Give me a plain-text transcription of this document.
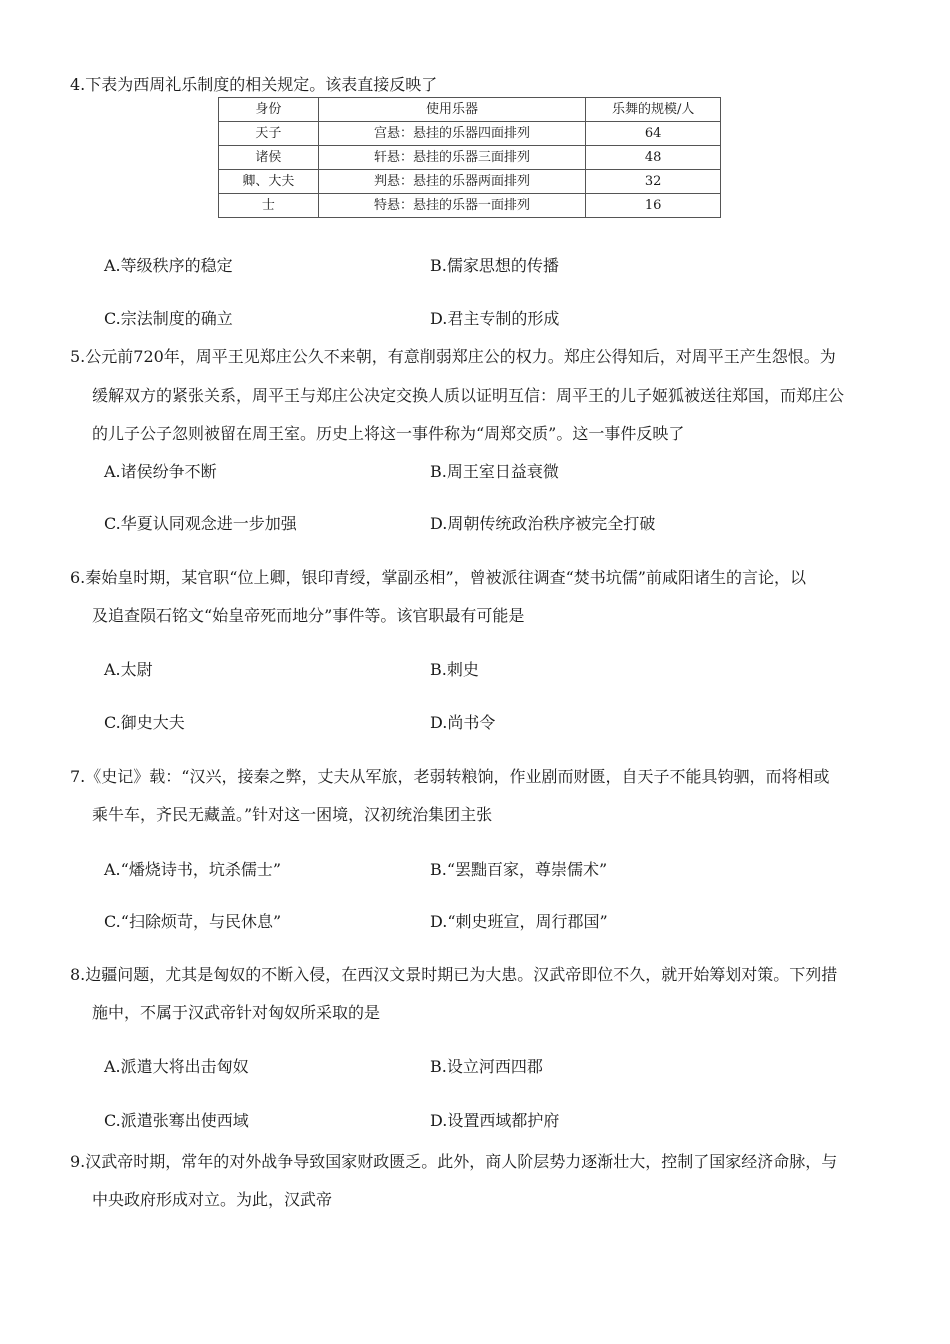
4.下表为西周礼乐制度的相关规定。该表直接反映了
身份	使用乐器	乐舞的规模/人
天子	宫悬：悬挂的乐器四面排列	64
诸侯	轩悬：悬挂的乐器三面排列	48
卿、大夫	判悬：悬挂的乐器两面排列	32
士	特悬：悬挂的乐器一面排列	16
A.等级秩序的稳定	B.儒家思想的传播
C.宗法制度的确立	D.君主专制的形成
5.公元前720年，周平王见郑庄公久不来朝，有意削弱郑庄公的权力。郑庄公得知后，对周平王产生怨恨。为
缓解双方的紧张关系，周平王与郑庄公决定交换人质以证明互信：周平王的儿子姬狐被送往郑国，而郑庄公
的儿子公子忽则被留在周王室。历史上将这一事件称为“周郑交质”。这一事件反映了
A.诸侯纷争不断	B.周王室日益衰微
C.华夏认同观念进一步加强	D.周朝传统政治秩序被完全打破
6.秦始皇时期，某官职“位上卿，银印青绶，掌副丞相”，曾被派往调查“焚书坑儒”前咸阳诸生的言论，以
及追查陨石铭文“始皇帝死而地分”事件等。该官职最有可能是
A.太尉	B.刺史
C.御史大夫	D.尚书令
7.《史记》载：“汉兴，接秦之弊，丈夫从军旅，老弱转粮饷，作业剧而财匮，自天子不能具钧驷，而将相或
乘牛车，齐民无藏盖。”针对这一困境，汉初统治集团主张
A.“燔烧诗书，坑杀儒士”	B.“罢黜百家，尊崇儒术”
C.“扫除烦苛，与民休息”	D.“刺史班宣，周行郡国”
8.边疆问题，尤其是匈奴的不断入侵，在西汉文景时期已为大患。汉武帝即位不久，就开始筹划对策。下列措
施中，不属于汉武帝针对匈奴所采取的是
A.派遣大将出击匈奴	B.设立河西四郡
C.派遣张骞出使西域	D.设置西域都护府
9.汉武帝时期，常年的对外战争导致国家财政匮乏。此外，商人阶层势力逐渐壮大，控制了国家经济命脉，与
中央政府形成对立。为此，汉武帝
